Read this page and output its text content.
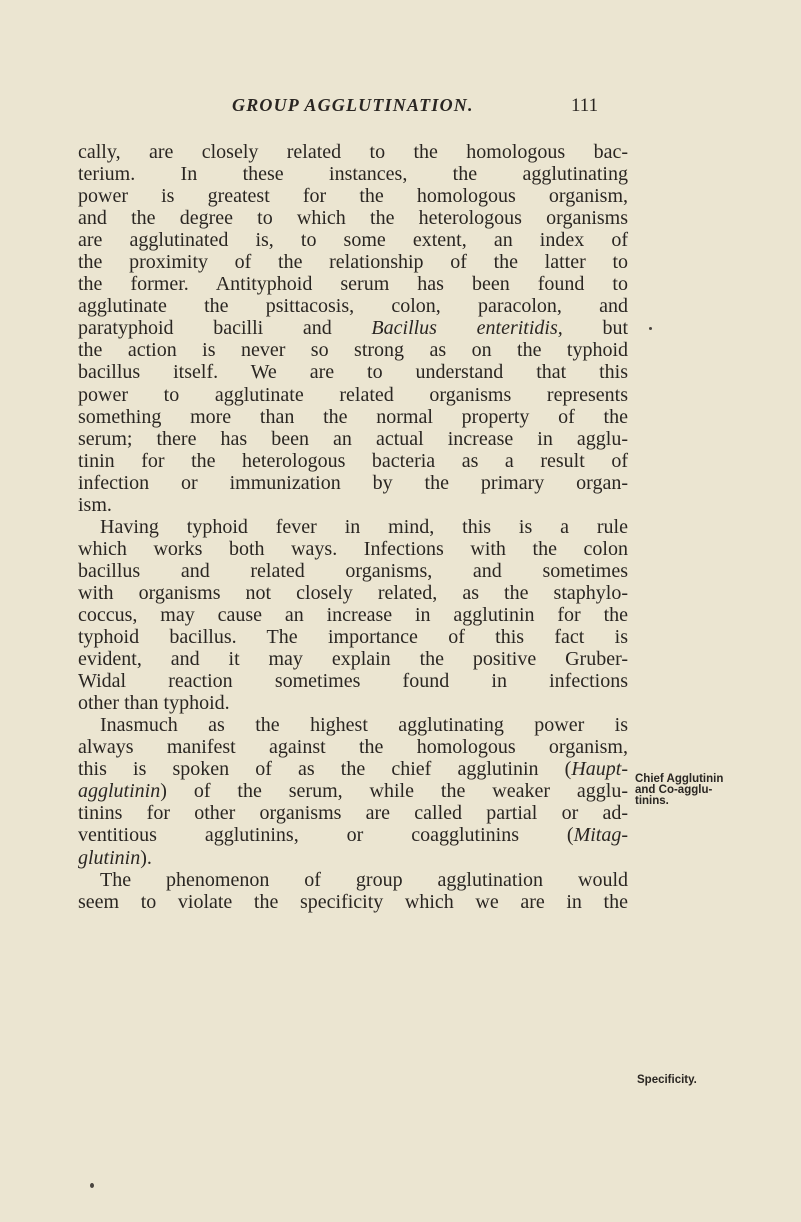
GROUP AGGLUTINATION.	111
cally, are closely related to the homologous bac-
terium. In these instances, the agglutinating
power is greatest for the homologous organism,
and the degree to which the heterologous organisms
are agglutinated is, to some extent, an index of
the proximity of the relationship of the latter to
the former. Antityphoid serum has been found to
agglutinate the psittacosis, colon, paracolon, and
paratyphoid bacilli and Bacillus enteritidis, but
the action is never so strong as on the typhoid
bacillus itself. We are to understand that this
power to agglutinate related organisms represents
something more than the normal property of the
serum; there has been an actual increase in agglu-
tinin for the heterologous bacteria as a result of
infection or immunization by the primary organ-
ism.
Having typhoid fever in mind, this is a rule
which works both ways. Infections with the colon
bacillus and related organisms, and sometimes
with organisms not closely related, as the staphylo-
coccus, may cause an increase in agglutinin for the
typhoid bacillus. The importance of this fact is
evident, and it may explain the positive Gruber-
Widal reaction sometimes found in infections
other than typhoid.
Inasmuch as the highest agglutinating power is
always manifest against the homologous organism,
this is spoken of as the chief agglutinin (Haupt-
agglutinin) of the serum, while the weaker agglu-
tinins for other organisms are called partial or ad-
ventitious agglutinins, or coagglutinins (Mitag-
glutinin).
The phenomenon of group agglutination would
seem to violate the specificity which we are in the
Chief Agglutinin
and Co-agglu-
tinins.
Specificity.
